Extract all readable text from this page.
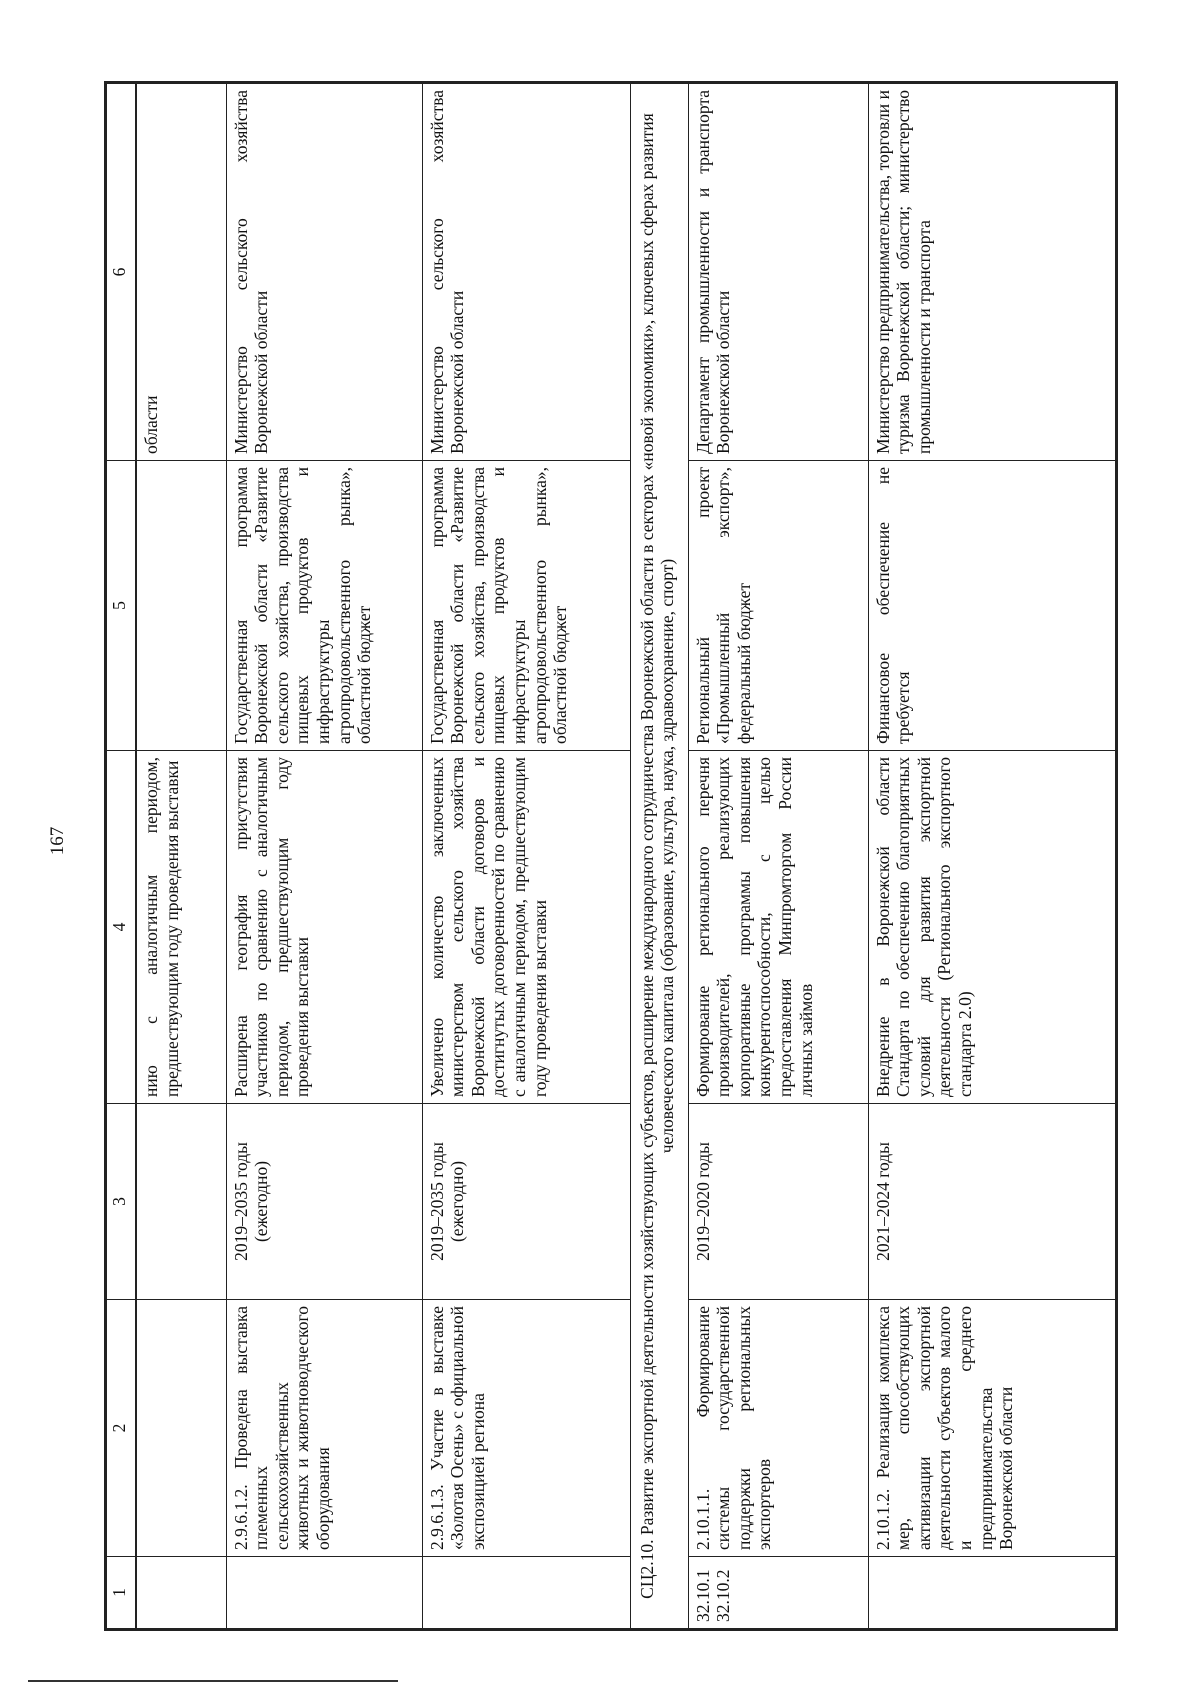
167
1	2	3	4	5	6
			нию с аналогичным периодом, предшествующим году проведения выставки		области
	2.9.6.1.2. Проведена выставка племенных сельскохозяйственных животных и животноводческого оборудования	2019–2035 годы (ежегодно)	Расширена география присутствия участников по сравнению с аналогичным периодом, предшествующим году проведения выставки	Государственная программа Воронежской области «Развитие сельского хозяйства, производства пищевых продуктов и инфраструктуры агропродовольственного рынка», областной бюджет	Министерство сельского хозяйства Воронежской области
	2.9.6.1.3. Участие в выставке «Золотая Осень» с официальной экспозицией региона	2019–2035 годы (ежегодно)	Увеличено количество заключенных министерством сельского хозяйства Воронежской области договоров и достигнутых договоренностей по сравнению с аналогичным периодом, предшествующим году проведения выставки	Государственная программа Воронежской области «Развитие сельского хозяйства, производства пищевых продуктов и инфраструктуры агропродовольственного рынка», областной бюджет	Министерство сельского хозяйства Воронежской области
СЦ2.10. Развитие экспортной деятельности хозяйствующих субъектов, расширение международного сотрудничества Воронежской области в секторах «новой экономики», ключевых сферах развития человеческого капитала (образование, культура, наука, здравоохранение, спорт)					
32.10.1 32.10.2	2.10.1.1. Формирование системы государственной поддержки региональных экспортеров	2019–2020 годы	Формирование регионального перечня производителей, реализующих корпоративные программы повышения конкурентоспособности, с целью предоставления Минпромторгом России личных займов	Региональный проект «Промышленный экспорт», федеральный бюджет	Департамент промышленности и транспорта Воронежской области
	2.10.1.2. Реализация комплекса мер, способствующих активизации экспортной деятельности субъектов малого и среднего предпринимательства Воронежской области	2021–2024 годы	Внедрение в Воронежской области Стандарта по обеспечению благоприятных условий для развития экспортной деятельности (Регионального экспортного стандарта 2.0)	Финансовое обеспечение не требуется	Министерство предпринимательства, торговли и туризма Воронежской области; министерство промышленности и транспорта
